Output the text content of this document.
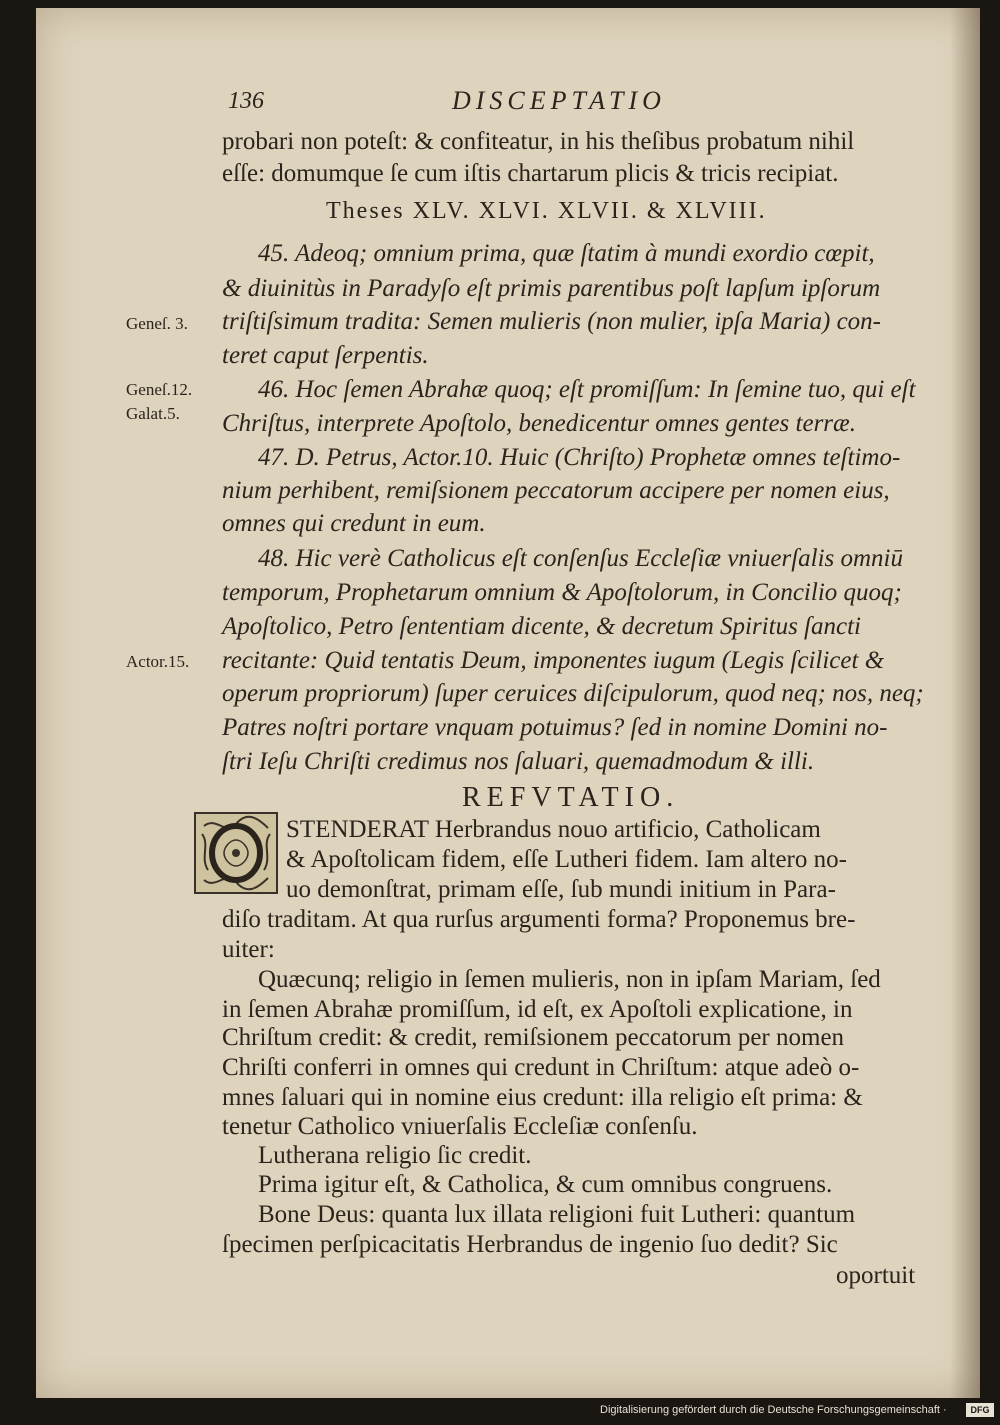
136	DISCEPTATIO
probari non poteſt: & confiteatur, in his theſibus probatum nihil
eſſe: domumque ſe cum iſtis chartarum plicis & tricis recipiat.
Theses XLV. XLVI. XLVII. & XLVIII.
45. Adeoq; omnium prima, quæ ſtatim à mundi exordio cœpit,
& diuinitùs in Paradyſo eſt primis parentibus poſt lapſum ipſorum
triſtiſsimum tradita: Semen mulieris (non mulier, ipſa Maria) con-
teret caput ſerpentis.
46. Hoc ſemen Abrahæ quoq; eſt promiſſum: In ſemine tuo, qui eſt
Chriſtus, interprete Apoſtolo, benedicentur omnes gentes terræ.
47. D. Petrus, Actor.10. Huic (Chriſto) Prophetæ omnes teſtimo-
nium perhibent, remiſsionem peccatorum accipere per nomen eius,
omnes qui credunt in eum.
48. Hic verè Catholicus eſt conſenſus Eccleſiæ vniuerſalis omniū
temporum, Prophetarum omnium & Apoſtolorum, in Concilio quoq;
Apoſtolico, Petro ſententiam dicente, & decretum Spiritus ſancti
recitante: Quid tentatis Deum, imponentes iugum (Legis ſcilicet &
operum propriorum) ſuper ceruices diſcipulorum, quod neq; nos, neq;
Patres noſtri portare vnquam potuimus? ſed in nomine Domini no-
ſtri Ieſu Chriſti credimus nos ſaluari, quemadmodum & illi.
Geneſ. 3.
Geneſ.12.
Galat.5.
Actor.15.
REFVTATIO.
STENDERAT Herbrandus nouo artificio, Catholicam
& Apoſtolicam fidem, eſſe Lutheri fidem. Iam altero no-
uo demonſtrat, primam eſſe, ſub mundi initium in Para-
diſo traditam. At qua rurſus argumenti forma? Proponemus bre-
uiter:
Quæcunq; religio in ſemen mulieris, non in ipſam Mariam, ſed
in ſemen Abrahæ promiſſum, id eſt, ex Apoſtoli explicatione, in
Chriſtum credit: & credit, remiſsionem peccatorum per nomen
Chriſti conferri in omnes qui credunt in Chriſtum: atque adeò o-
mnes ſaluari qui in nomine eius credunt: illa religio eſt prima: &
tenetur Catholico vniuerſalis Eccleſiæ conſenſu.
Lutherana religio ſic credit.
Prima igitur eſt, & Catholica, & cum omnibus congruens.
Bone Deus: quanta lux illata religioni fuit Lutheri: quantum
ſpecimen perſpicacitatis Herbrandus de ingenio ſuo dedit? Sic
oportuit
Digitalisierung gefördert durch die Deutsche Forschungsgemeinschaft ·	DFG
